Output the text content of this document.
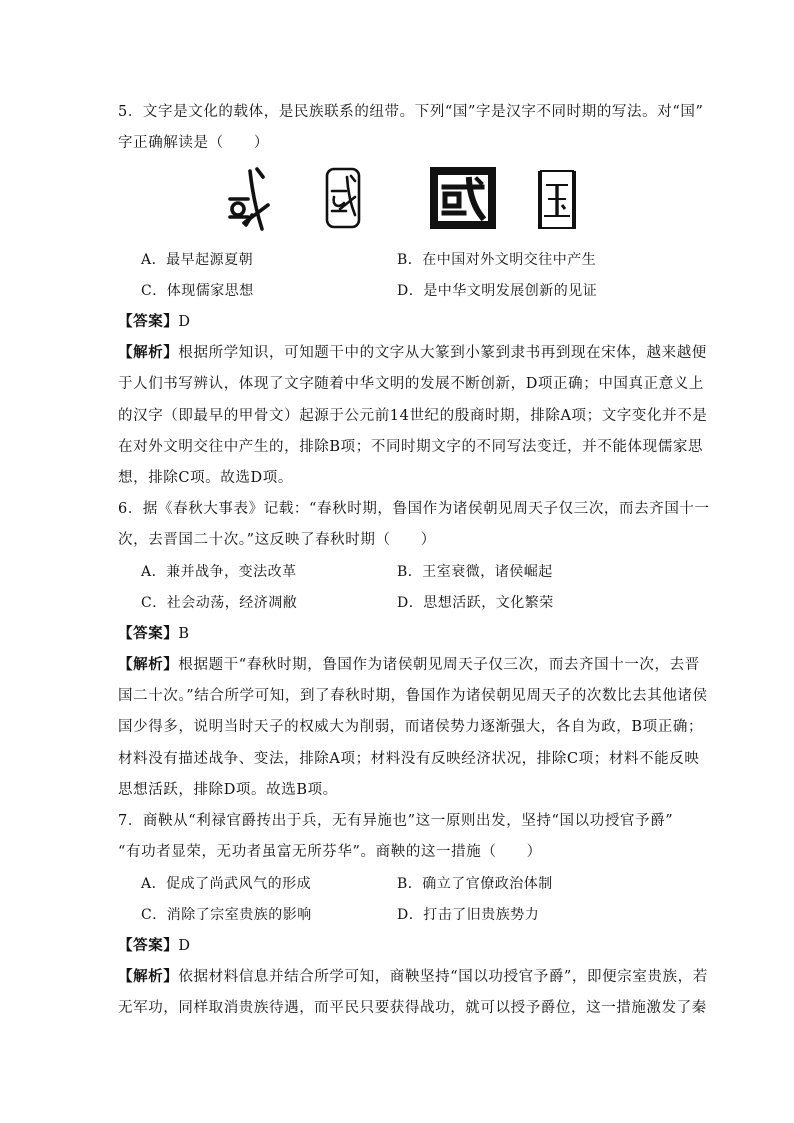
5．文字是文化的载体，是民族联系的纽带。下列“国”字是汉字不同时期的写法。对“国”
字正确解读是（　　）
A．最早起源夏朝	B．在中国对外文明交往中产生
C．体现儒家思想	D．是中华文明发展创新的见证
【答案】D
【解析】根据所学知识，可知题干中的文字从大篆到小篆到隶书再到现在宋体，越来越便
于人们书写辨认，体现了文字随着中华文明的发展不断创新，D项正确；中国真正意义上
的汉字（即最早的甲骨文）起源于公元前14世纪的殷商时期，排除A项；文字变化并不是
在对外文明交往中产生的，排除B项；不同时期文字的不同写法变迁，并不能体现儒家思
想，排除C项。故选D项。
6．据《春秋大事表》记载：“春秋时期，鲁国作为诸侯朝见周天子仅三次，而去齐国十一
次，去晋国二十次。”这反映了春秋时期（　　）
A．兼并战争，变法改革	B．王室衰微，诸侯崛起
C．社会动荡，经济凋敝	D．思想活跃，文化繁荣
【答案】B
【解析】根据题干“春秋时期，鲁国作为诸侯朝见周天子仅三次，而去齐国十一次，去晋
国二十次。”结合所学可知，到了春秋时期，鲁国作为诸侯朝见周天子的次数比去其他诸侯
国少得多，说明当时天子的权威大为削弱，而诸侯势力逐渐强大，各自为政，B项正确；
材料没有描述战争、变法，排除A项；材料没有反映经济状况，排除C项；材料不能反映
思想活跃，排除D项。故选B项。
7．商鞅从“利禄官爵抟出于兵，无有异施也”这一原则出发，坚持“国以功授官予爵”
“有功者显荣，无功者虽富无所芬华”。商鞅的这一措施（　　）
A．促成了尚武风气的形成	B．确立了官僚政治体制
C．消除了宗室贵族的影响	D．打击了旧贵族势力
【答案】D
【解析】依据材料信息并结合所学可知，商鞅坚持“国以功授官予爵”，即便宗室贵族，若
无军功，同样取消贵族待遇，而平民只要获得战功，就可以授予爵位，这一措施激发了秦
